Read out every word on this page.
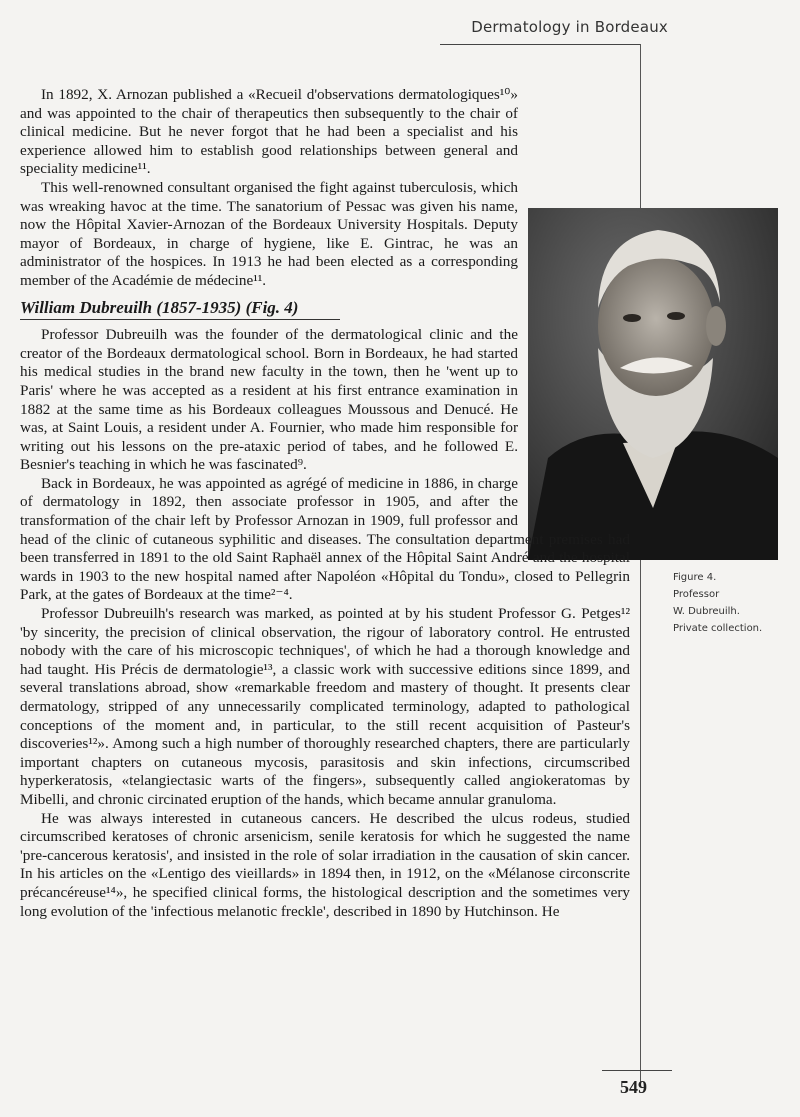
Dermatology in Bordeaux
Figure 4.
Professor
W. Dubreuilh.
Private collection.

In 1892, X. Arnozan published a «Recueil d'observations dermatologiques¹⁰» and was appointed to the chair of therapeutics then subsequently to the chair of clinical medicine. But he never forgot that he had been a specialist and his experience allowed him to establish good relationships between general and speciality medicine¹¹.

This well-renowned consultant organised the fight against tuberculosis, which was wreaking havoc at the time. The sanatorium of Pessac was given his name, now the Hôpital Xavier-Arnozan of the Bordeaux University Hospitals. Deputy mayor of Bordeaux, in charge of hygiene, like E. Gintrac, he was an administrator of the hospices. In 1913 he had been elected as a corresponding member of the Académie de médecine¹¹.

William Dubreuilh (1857-1935) (Fig. 4)

Professor Dubreuilh was the founder of the dermatological clinic and the creator of the Bordeaux dermatological school. Born in Bordeaux, he had started his medical studies in the brand new faculty in the town, then he 'went up to Paris' where he was accepted as a resident at his first entrance examination in 1882 at the same time as his Bordeaux colleagues Moussous and Denucé. He was, at Saint Louis, a resident under A. Fournier, who made him responsible for writing out his lessons on the pre-ataxic period of tabes, and he followed E. Besnier's teaching in which he was fascinated⁹.

Back in Bordeaux, he was appointed as agrégé of medicine in 1886, in charge of dermatology in 1892, then associate professor in 1905, and after the transformation of the chair left by Professor Arnozan in 1909, full professor and head of the clinic of cutaneous syphilitic and diseases. The consultation department premises had been transferred in 1891 to the old Saint Raphaël annex of the Hôpital Saint André and the hospital wards in 1903 to the new hospital named after Napoléon «Hôpital du Tondu», closed to Pellegrin Park, at the gates of Bordeaux at the time²⁻⁴.

Professor Dubreuilh's research was marked, as pointed at by his student Professor G. Petges¹² 'by sincerity, the precision of clinical observation, the rigour of laboratory control. He entrusted nobody with the care of his microscopic techniques', of which he had a thorough knowledge and had taught. His Précis de dermatologie¹³, a classic work with successive editions since 1899, and several translations abroad, show «remarkable freedom and mastery of thought. It presents clear dermatology, stripped of any unnecessarily complicated terminology, adapted to pathological conceptions of the moment and, in particular, to the still recent acquisition of Pasteur's discoveries¹²». Among such a high number of thoroughly researched chapters, there are particularly important chapters on cutaneous mycosis, parasitosis and skin infections, circumscribed hyperkeratosis, «telangiectasic warts of the fingers», subsequently called angiokeratomas by Mibelli, and chronic circinated eruption of the hands, which became annular granuloma.

He was always interested in cutaneous cancers. He described the ulcus rodeus, studied circumscribed keratoses of chronic arsenicism, senile keratosis for which he suggested the name 'pre-cancerous keratosis', and insisted in the role of solar irradiation in the causation of skin cancer. In his articles on the «Lentigo des vieillards» in 1894 then, in 1912, on the «Mélanose circonscrite précancéreuse¹⁴», he specified clinical forms, the histological description and the sometimes very long evolution of the 'infectious melanotic freckle', described in 1890 by Hutchinson. He

549
